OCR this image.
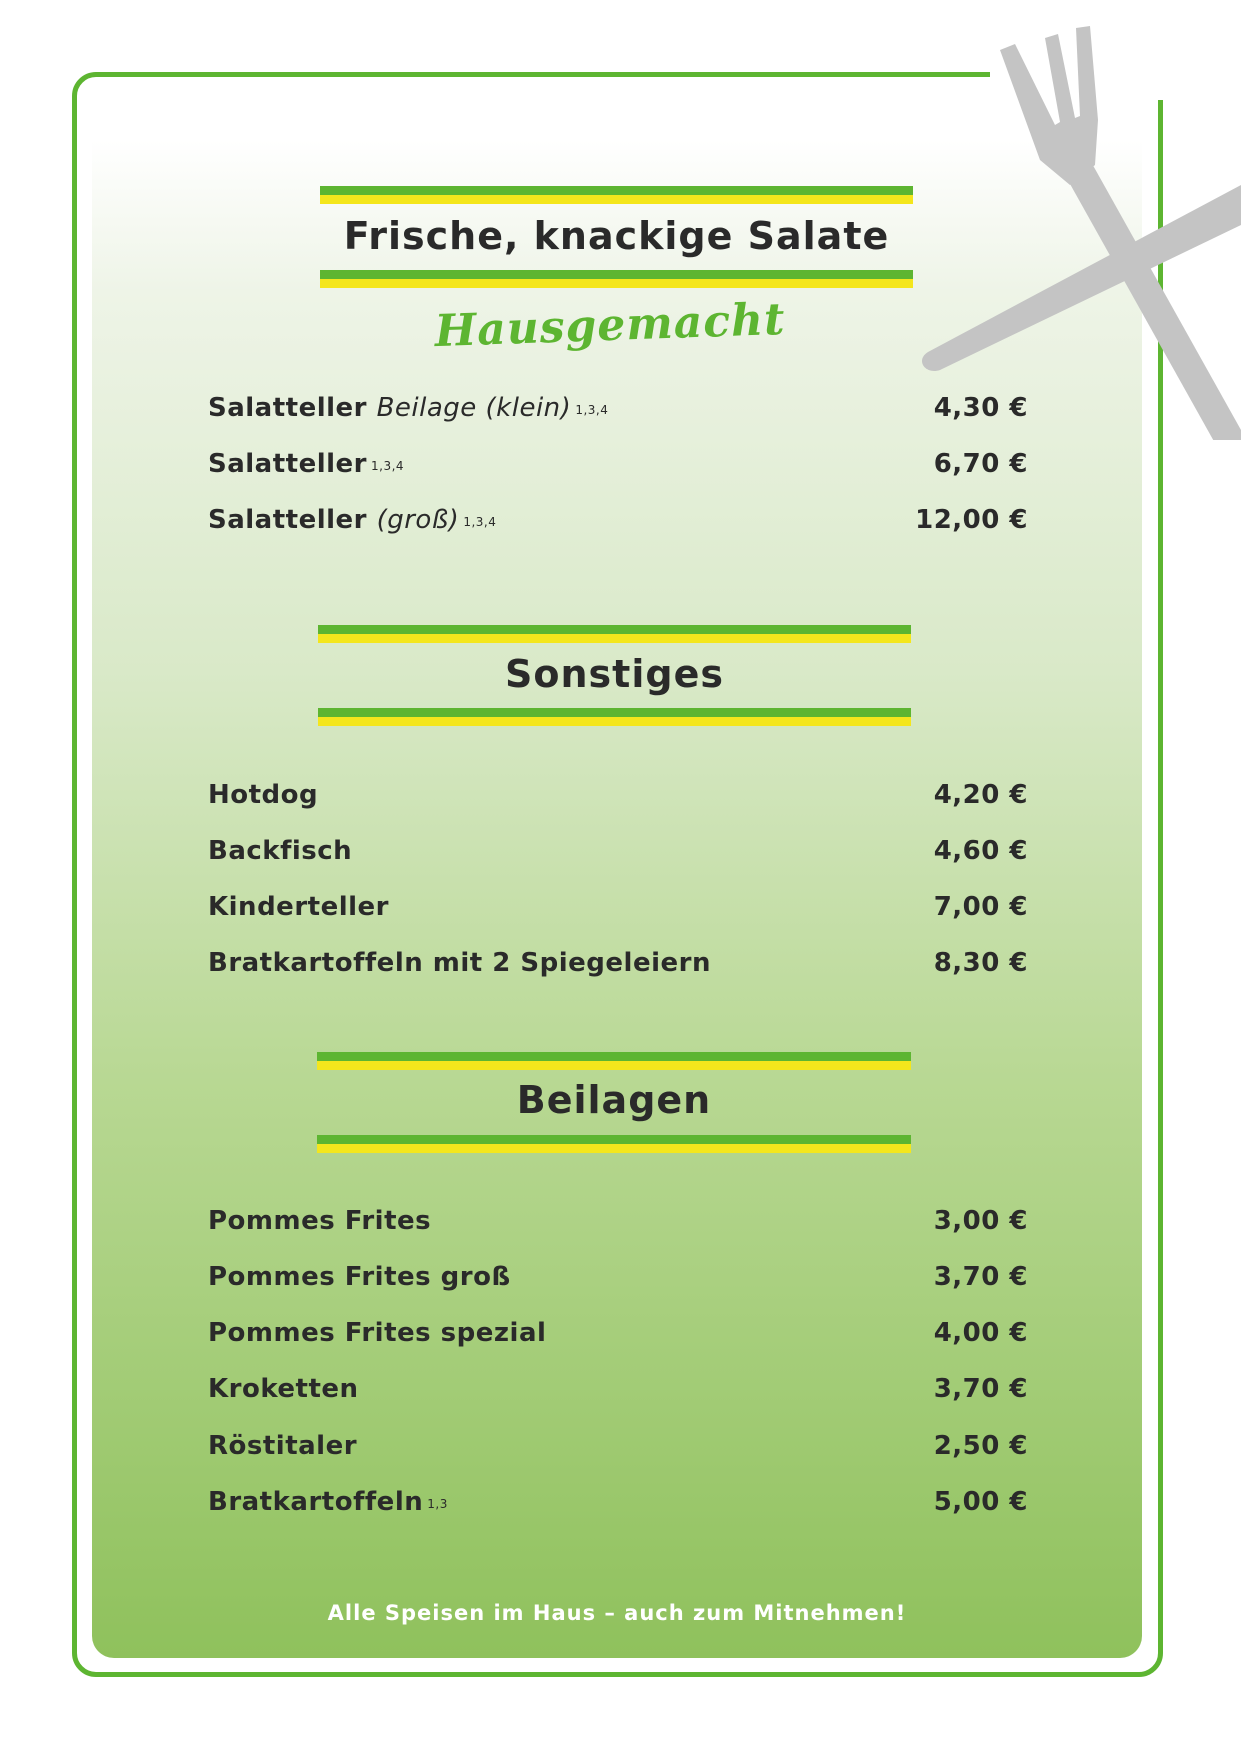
Frische, knackige Salate
Hausgemacht
Salatteller Beilage (klein) $^{1,3,4}$	4,30 €
Salatteller $^{1,3,4}$	6,70 €
Salatteller (groß) $^{1,3,4}$	12,00 €
Sonstiges
Hotdog	4,20 €
Backfisch	4,60 €
Kinderteller	7,00 €
Bratkartoffeln mit 2 Spiegeleiern	8,30 €
Beilagen
Pommes Frites	3,00 €
Pommes Frites groß	3,70 €
Pommes Frites spezial	4,00 €
Kroketten	3,70 €
Röstitaler	2,50 €
Bratkartoffeln $^{1,3}$	5,00 €
Alle Speisen im Haus – auch zum Mitnehmen!
